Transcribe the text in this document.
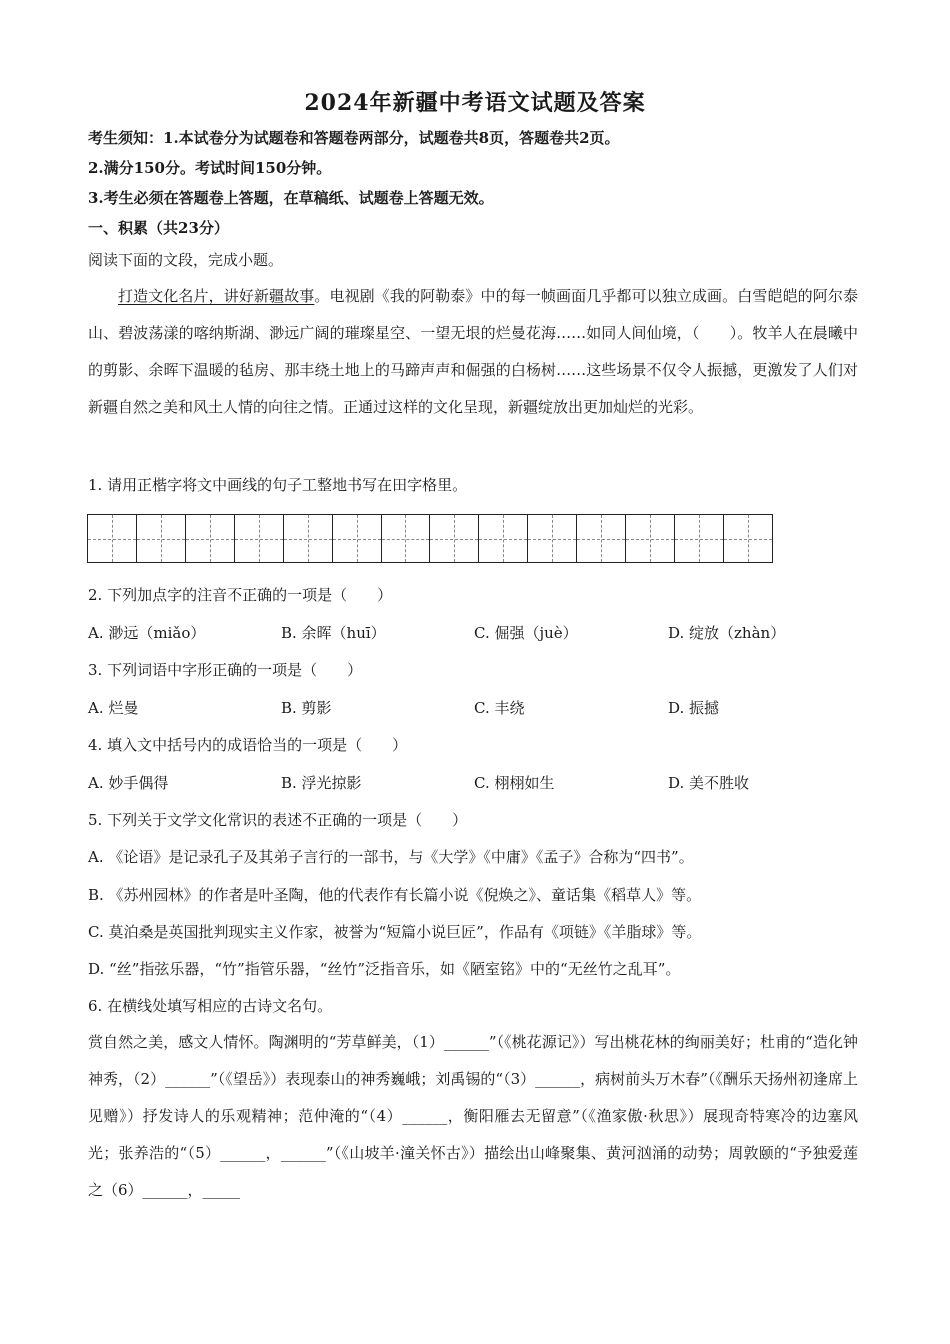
2024年新疆中考语文试题及答案
考生须知：1.本试卷分为试题卷和答题卷两部分，试题卷共8页，答题卷共2页。
2.满分150分。考试时间150分钟。
3.考生必须在答题卷上答题，在草稿纸、试题卷上答题无效。
一、积累（共23分）
阅读下面的文段，完成小题。
打造文化名片，讲好新疆故事。电视剧《我的阿勒泰》中的每一帧画面几乎都可以独立成画。白雪皑皑的阿尔泰山、碧波荡漾的喀纳斯湖、渺远广阔的璀璨星空、一望无垠的烂曼花海……如同人间仙境，（　　）。牧羊人在晨曦中的剪影、余晖下温暖的毡房、那丰绕土地上的马蹄声声和倔强的白杨树……这些场景不仅令人振撼，更激发了人们对新疆自然之美和风土人情的向往之情。正通过这样的文化呈现，新疆绽放出更加灿烂的光彩。
1. 请用正楷字将文中画线的句子工整地书写在田字格里。
2. 下列加点字的注音不正确的一项是（　　）
A. 渺远（miǎo）	B. 余晖（huī）	C. 倔强（juè）	D. 绽放（zhàn）
3. 下列词语中字形正确的一项是（　　）
A. 烂曼	B. 剪影	C. 丰绕	D. 振撼
4. 填入文中括号内的成语恰当的一项是（　　）
A. 妙手偶得	B. 浮光掠影	C. 栩栩如生	D. 美不胜收
5. 下列关于文学文化常识的表述不正确的一项是（　　）
A. 《论语》是记录孔子及其弟子言行的一部书，与《大学》《中庸》《孟子》合称为“四书”。
B. 《苏州园林》的作者是叶圣陶，他的代表作有长篇小说《倪焕之》、童话集《稻草人》等。
C. 莫泊桑是英国批判现实主义作家，被誉为“短篇小说巨匠”，作品有《项链》《羊脂球》等。
D. “丝”指弦乐器，“竹”指管乐器，“丝竹”泛指音乐，如《陋室铭》中的“无丝竹之乱耳”。
6. 在横线处填写相应的古诗文名句。
赏自然之美，感文人情怀。陶渊明的“芳草鲜美，（1）______”（《桃花源记》）写出桃花林的绚丽美好；杜甫的“造化钟神秀，（2）______”（《望岳》）表现泰山的神秀巍峨；刘禹锡的“（3）______，病树前头万木春”（《酬乐天扬州初逢席上见赠》）抒发诗人的乐观精神；范仲淹的“（4）______，衡阳雁去无留意”（《渔家傲·秋思》）展现奇特寒冷的边塞风光；张养浩的“（5）______，______”（《山坡羊·潼关怀古》）描绘出山峰聚集、黄河汹涌的动势；周敦颐的“予独爱莲之（6）______，_____
